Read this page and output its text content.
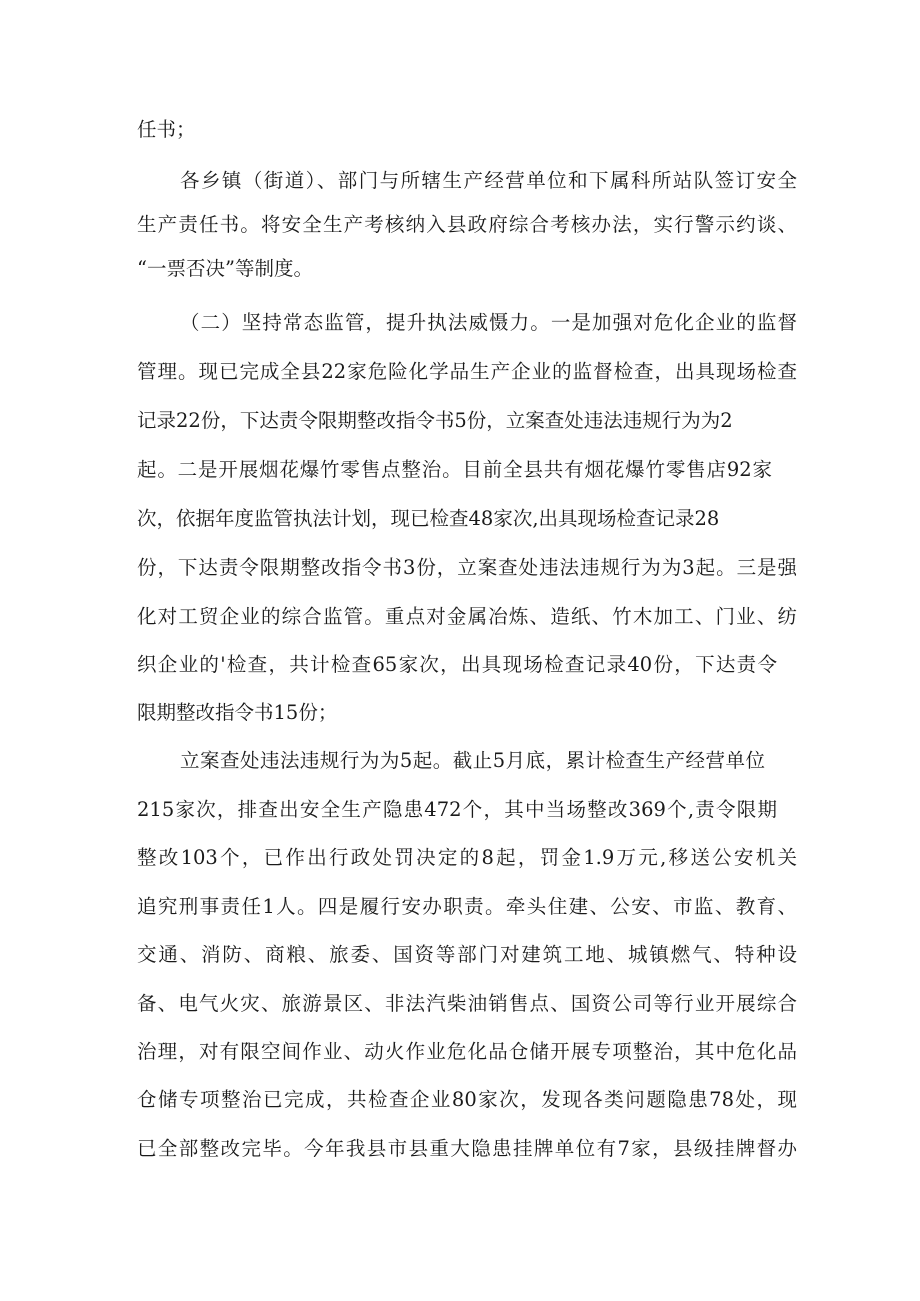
任书；
各乡镇（街道）、部门与所辖生产经营单位和下属科所站队签订安全
生产责任书。将安全生产考核纳入县政府综合考核办法，实行警示约谈、
“一票否决”等制度。
（二）坚持常态监管，提升执法威慑力。一是加强对危化企业的监督
管理。现已完成全县22家危险化学品生产企业的监督检查，出具现场检查
记录22份，下达责令限期整改指令书5份，立案查处违法违规行为为2
起。二是开展烟花爆竹零售点整治。目前全县共有烟花爆竹零售店92家
次，依据年度监管执法计划，现已检查48家次,出具现场检查记录28
份，下达责令限期整改指令书3份，立案查处违法违规行为为3起。三是强
化对工贸企业的综合监管。重点对金属冶炼、造纸、竹木加工、门业、纺
织企业的'检查，共计检查65家次，出具现场检查记录40份，下达责令
限期整改指令书15份；
立案查处违法违规行为为5起。截止5月底，累计检查生产经营单位
215家次，排查出安全生产隐患472个，其中当场整改369个,责令限期
整改103个，已作出行政处罚决定的8起，罚金1.9万元,移送公安机关
追究刑事责任1人。四是履行安办职责。牵头住建、公安、市监、教育、
交通、消防、商粮、旅委、国资等部门对建筑工地、城镇燃气、特种设
备、电气火灾、旅游景区、非法汽柴油销售点、国资公司等行业开展综合
治理，对有限空间作业、动火作业危化品仓储开展专项整治，其中危化品
仓储专项整治已完成，共检查企业80家次，发现各类问题隐患78处，现
已全部整改完毕。今年我县市县重大隐患挂牌单位有7家，县级挂牌督办
